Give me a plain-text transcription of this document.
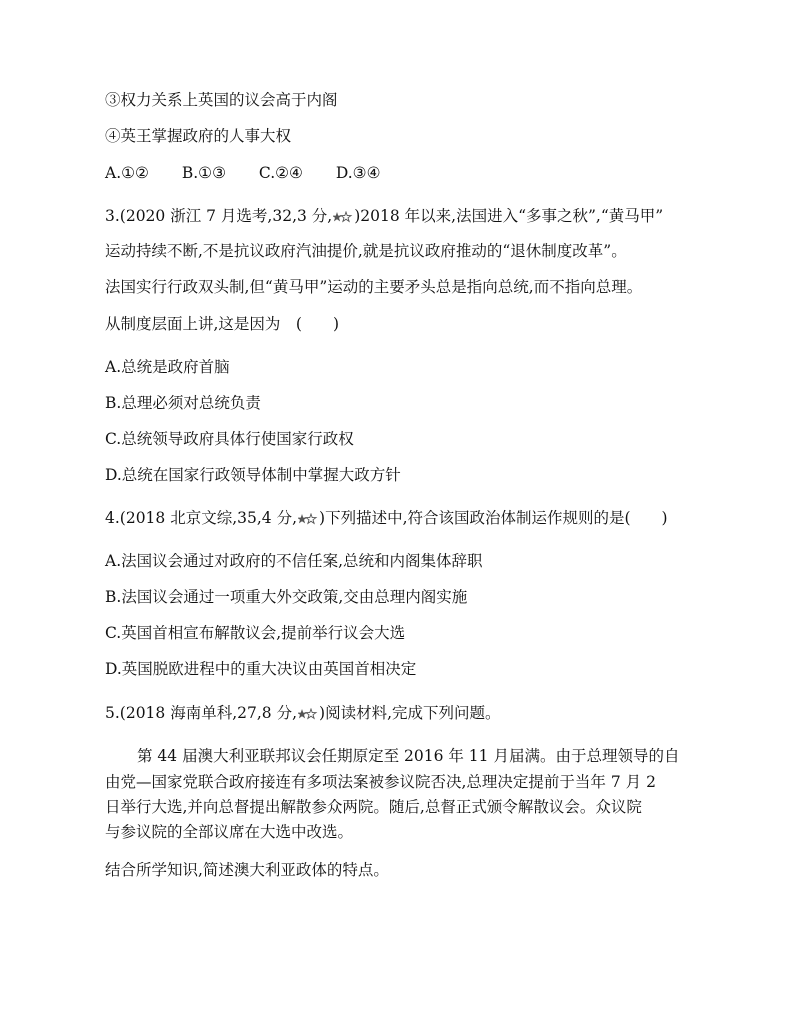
③权力关系上英国的议会高于内阁
④英王掌握政府的人事大权
A.①② B.①③ C.②④ D.③④
3.(2020 浙江 7 月选考,32,3 分, )2018 年以来,法国进入“多事之秋”,“黄马甲”
运动持续不断,不是抗议政府汽油提价,就是抗议政府推动的“退休制度改革”。
法国实行行政双头制,但“黄马甲”运动的主要矛头总是指向总统,而不指向总理。
从制度层面上讲,这是因为　(　　)
A.总统是政府首脑
B.总理必须对总统负责
C.总统领导政府具体行使国家行政权
D.总统在国家行政领导体制中掌握大政方针
4.(2018 北京文综,35,4 分, )下列描述中,符合该国政治体制运作规则的是(　　)
A.法国议会通过对政府的不信任案,总统和内阁集体辞职
B.法国议会通过一项重大外交政策,交由总理内阁实施
C.英国首相宣布解散议会,提前举行议会大选
D.英国脱欧进程中的重大决议由英国首相决定
5.(2018 海南单科,27,8 分, )阅读材料,完成下列问题。
第 44 届澳大利亚联邦议会任期原定至 2016 年 11 月届满。由于总理领导的自
由党—国家党联合政府接连有多项法案被参议院否决,总理决定提前于当年 7 月 2
日举行大选,并向总督提出解散参众两院。随后,总督正式颁令解散议会。众议院
与参议院的全部议席在大选中改选。
结合所学知识,简述澳大利亚政体的特点。
